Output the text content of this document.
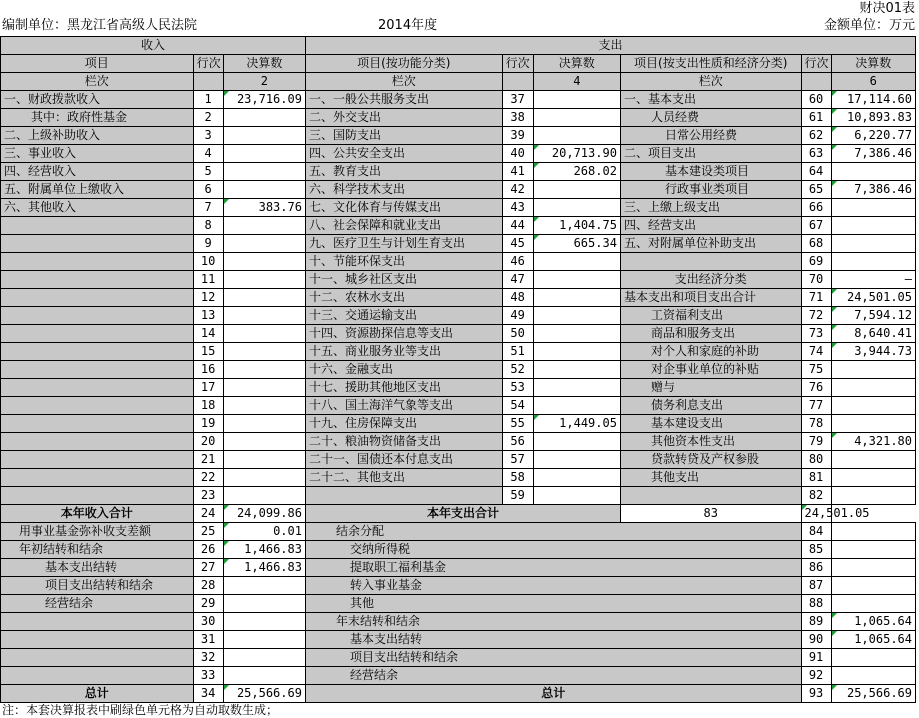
财决01表
编制单位：黑龙江省高级人民法院	2014年度	金额单位：万元
收入			支出					
项目	行次	决算数	项目(按功能分类)	行次	决算数	项目(按支出性质和经济分类)	行次	决算数
栏次		2	栏次		4	栏次		6
一、财政拨款收入	1	23,716.09	一、一般公共服务支出	37		一、基本支出	60	17,114.60
其中：政府性基金	2		二、外交支出	38		人员经费	61	10,893.83
二、上级补助收入	3		三、国防支出	39		日常公用经费	62	6,220.77
三、事业收入	4		四、公共安全支出	40	20,713.90	二、项目支出	63	7,386.46
四、经营收入	5		五、教育支出	41	268.02	基本建设类项目	64	
五、附属单位上缴收入	6		六、科学技术支出	42		行政事业类项目	65	7,386.46
六、其他收入	7	383.76	七、文化体育与传媒支出	43		三、上缴上级支出	66	
	8		八、社会保障和就业支出	44	1,404.75	四、经营支出	67	
	9		九、医疗卫生与计划生育支出	45	665.34	五、对附属单位补助支出	68	
	10		十、节能环保支出	46			69	
	11		十一、城乡社区支出	47		支出经济分类	70	—
	12		十二、农林水支出	48		基本支出和项目支出合计	71	24,501.05
	13		十三、交通运输支出	49		工资福利支出	72	7,594.12
	14		十四、资源勘探信息等支出	50		商品和服务支出	73	8,640.41
	15		十五、商业服务业等支出	51		对个人和家庭的补助	74	3,944.73
	16		十六、金融支出	52		对企事业单位的补贴	75	
	17		十七、援助其他地区支出	53		赠与	76	
	18		十八、国土海洋气象等支出	54		债务利息支出	77	
	19		十九、住房保障支出	55	1,449.05	基本建设支出	78	
	20		二十、粮油物资储备支出	56		其他资本性支出	79	4,321.80
	21		二十一、国债还本付息支出	57		贷款转贷及产权参股	80	
	22		二十二、其他支出	58		其他支出	81	
	23			59			82	
本年收入合计	24	24,099.86	本年支出合计			83	24,501.05	
用事业基金弥补收支差额	25	0.01	结余分配				84	
年初结转和结余	26	1,466.83	交纳所得税				85	
基本支出结转	27	1,466.83	提取职工福利基金				86	
项目支出结转和结余	28		转入事业基金				87	
经营结余	29		其他				88	
	30		年末结转和结余				89	1,065.64
	31		基本支出结转				90	1,065.64
	32		项目支出结转和结余				91	
	33		经营结余				92	
总计	34	25,566.69	总计				93	25,566.69
注：本套决算报表中刷绿色单元格为自动取数生成；
